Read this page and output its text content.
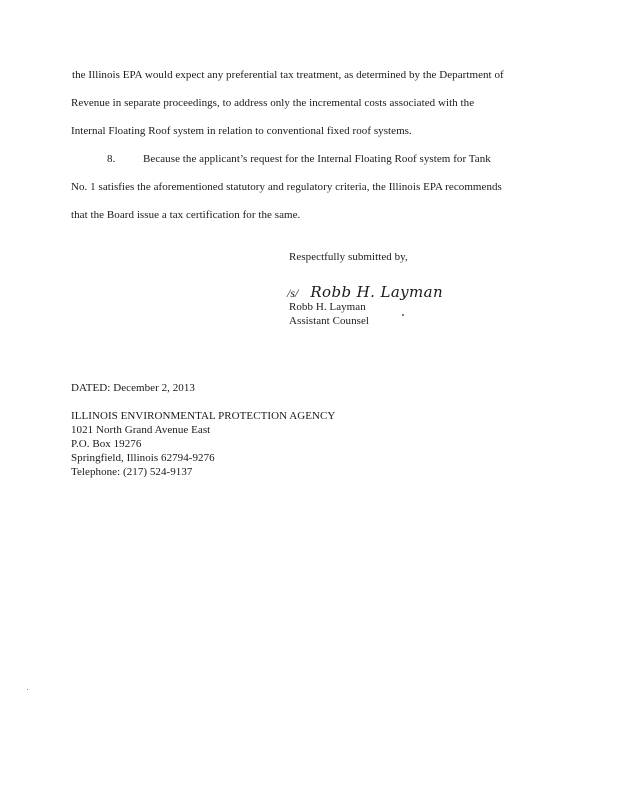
the Illinois EPA would expect any preferential tax treatment, as determined by the Department of
Revenue in separate proceedings, to address only the incremental costs associated with the
Internal Floating Roof system in relation to conventional fixed roof systems.
8.	Because the applicant’s request for the Internal Floating Roof system for Tank
No. 1 satisfies the aforementioned statutory and regulatory criteria, the Illinois EPA recommends
that the Board issue a tax certification for the same.
Respectfully submitted by,
/s/ Robb H. Layman
Robb H. Layman
Assistant Counsel
DATED: December 2, 2013
ILLINOIS ENVIRONMENTAL PROTECTION AGENCY
1021 North Grand Avenue East
P.O. Box 19276
Springfield, Illinois 62794-9276
Telephone: (217) 524-9137
